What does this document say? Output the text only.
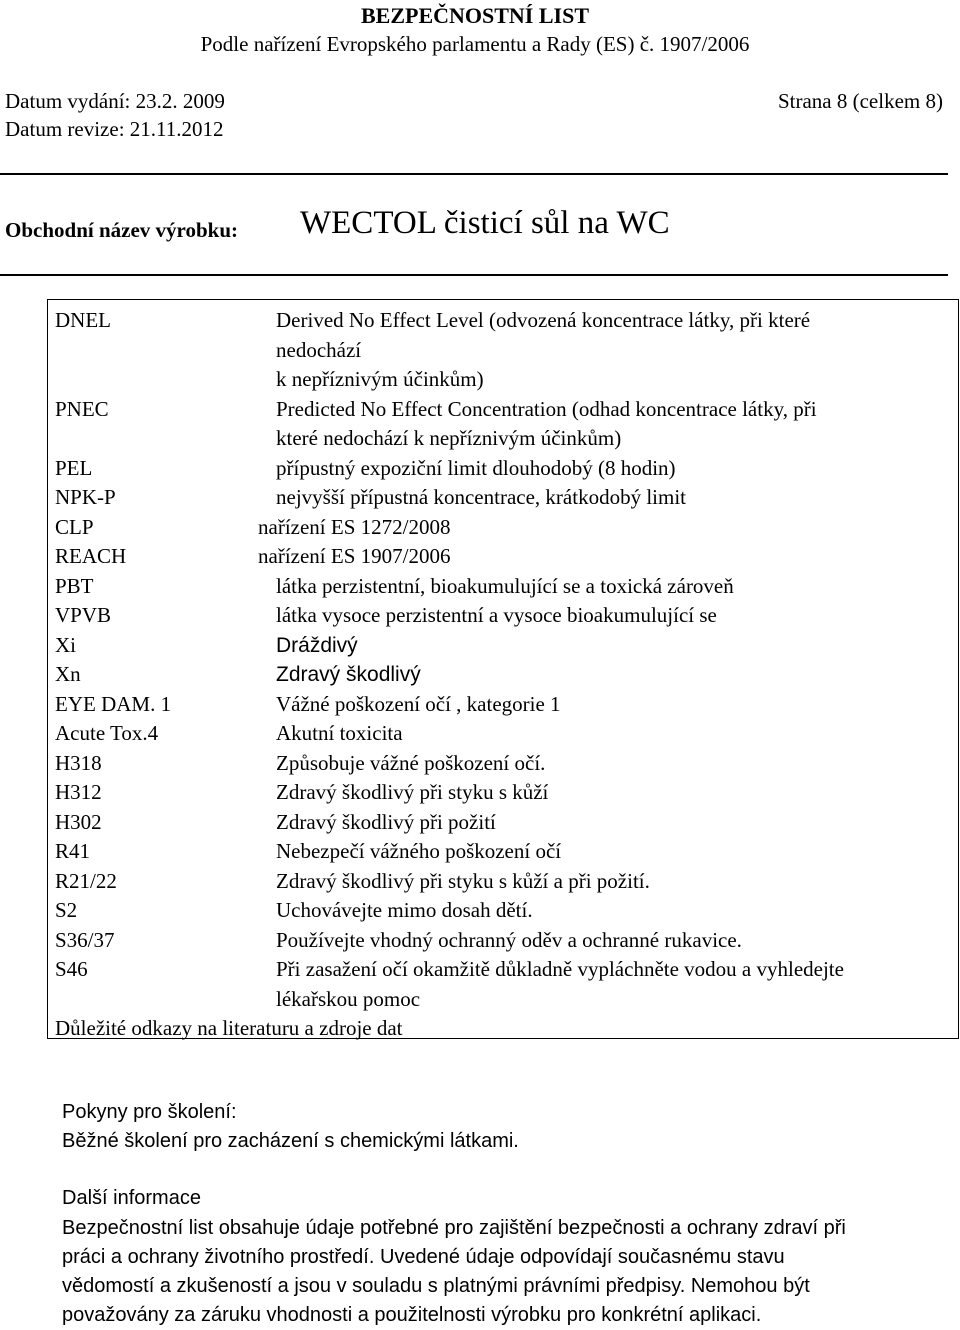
BEZPEČNOSTNÍ LIST
Podle nařízení Evropského parlamentu a Rady (ES) č. 1907/2006
Datum vydání: 23.2. 2009	Strana 8 (celkem 8)
Datum revize: 21.11.2012
Obchodní název výrobku: WECTOL čisticí sůl na WC
DNEL	Derived No Effect Level (odvozená koncentrace látky, při které
nedochází
k nepříznivým účinkům)
PNEC	Predicted No Effect Concentration (odhad koncentrace látky, při
které nedochází k nepříznivým účinkům)
PEL	přípustný expoziční limit dlouhodobý (8 hodin)
NPK-P	nejvyšší přípustná koncentrace, krátkodobý limit
CLP	nařízení ES 1272/2008
REACH	nařízení ES 1907/2006
PBT	látka perzistentní, bioakumulující se a toxická zároveň
VPVB	látka vysoce perzistentní a vysoce bioakumulující se
Xi	Dráždivý
Xn	Zdravý škodlivý
EYE DAM. 1	Vážné poškození očí , kategorie 1
Acute Tox.4	Akutní toxicita
H318	Způsobuje vážné poškození očí.
H312	Zdravý škodlivý při styku s kůží
H302	Zdravý škodlivý při požití
R41	Nebezpečí vážného poškození očí
R21/22	Zdravý škodlivý při styku s kůží a při požití.
S2	Uchovávejte mimo dosah dětí.
S36/37	Používejte vhodný ochranný oděv a ochranné rukavice.
S46	Při zasažení očí okamžitě důkladně vypláchněte vodou a vyhledejte
lékařskou pomoc
Důležité odkazy na literaturu a zdroje dat
Pokyny pro školení:
Běžné školení pro zacházení s chemickými látkami.
Další informace
Bezpečnostní list obsahuje údaje potřebné pro zajištění bezpečnosti a ochrany zdraví při
práci a ochrany životního prostředí. Uvedené údaje odpovídají současnému stavu
vědomostí a zkušeností a jsou v souladu s platnými právními předpisy. Nemohou být
považovány za záruku vhodnosti a použitelnosti výrobku pro konkrétní aplikaci.
